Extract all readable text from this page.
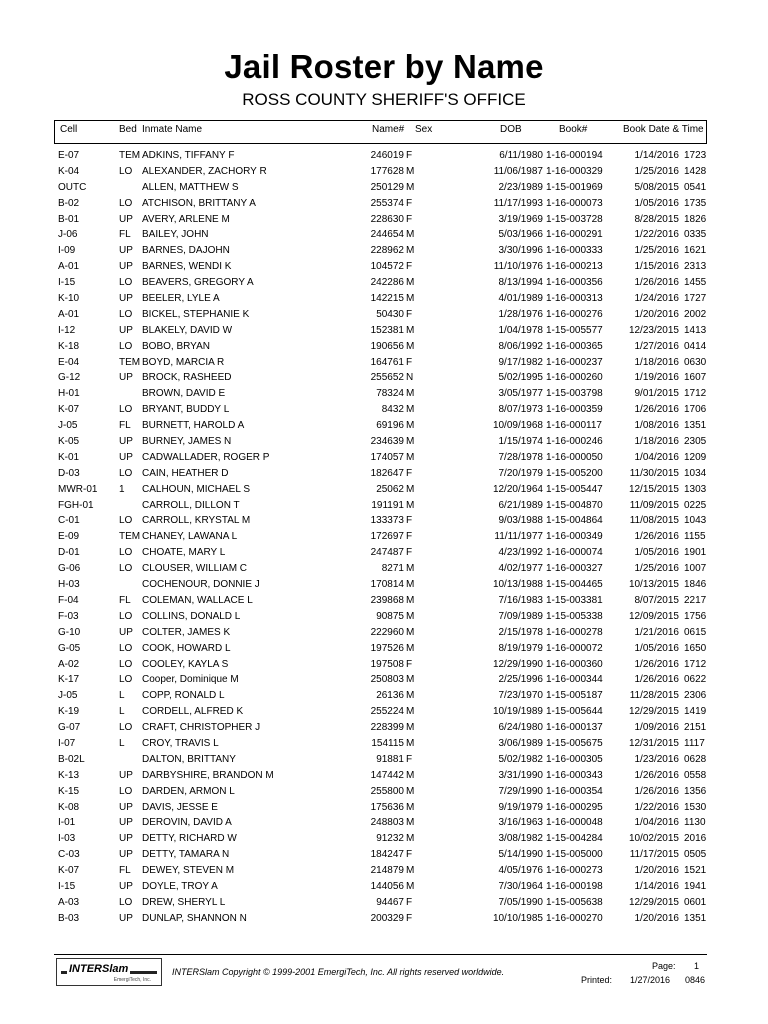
Jail Roster by Name
ROSS COUNTY SHERIFF'S OFFICE
Cell	Bed Inmate Name	Name# Sex	DOB	Book#	Book Date & Time
E-07	TEM ADKINS, TIFFANY F	246019 F	6/11/1980 1-16-000194	1/14/2016 1723
K-04	LO ALEXANDER, ZACHORY R	177628 M	11/06/1987 1-16-000329	1/25/2016 1428
OUTC	ALLEN, MATTHEW S	250129 M	2/23/1989 1-15-001969	5/08/2015 0541
B-02	LO ATCHISON, BRITTANY A	255374 F	11/17/1993 1-16-000073	1/05/2016 1735
B-01	UP AVERY, ARLENE M	228630 F	3/19/1969 1-15-003728	8/28/2015 1826
J-06	FL BAILEY, JOHN	244654 M	5/03/1966 1-16-000291	1/22/2016 0335
I-09	UP BARNES, DAJOHN	228962 M	3/30/1996 1-16-000333	1/25/2016 1621
A-01	UP BARNES, WENDI K	104572 F	11/10/1976 1-16-000213	1/15/2016 2313
I-15	LO BEAVERS, GREGORY A	242286 M	8/13/1994 1-16-000356	1/26/2016 1455
K-10	UP BEELER, LYLE A	142215 M	4/01/1989 1-16-000313	1/24/2016 1727
A-01	LO BICKEL, STEPHANIE K	50430 F	1/28/1976 1-16-000276	1/20/2016 2002
I-12	UP BLAKELY, DAVID W	152381 M	1/04/1978 1-15-005577	12/23/2015 1413
K-18	LO BOBO, BRYAN	190656 M	8/06/1992 1-16-000365	1/27/2016 0414
E-04	TEM BOYD, MARCIA R	164761 F	9/17/1982 1-16-000237	1/18/2016 0630
G-12	UP BROCK, RASHEED	255652 N	5/02/1995 1-16-000260	1/19/2016 1607
H-01	BROWN, DAVID E	78324 M	3/05/1977 1-15-003798	9/01/2015 1712
K-07	LO BRYANT, BUDDY L	8432 M	8/07/1973 1-16-000359	1/26/2016 1706
J-05	FL BURNETT, HAROLD A	69196 M	10/09/1968 1-16-000117	1/08/2016 1351
K-05	UP BURNEY, JAMES N	234639 M	1/15/1974 1-16-000246	1/18/2016 2305
K-01	UP CADWALLADER, ROGER P	174057 M	7/28/1978 1-16-000050	1/04/2016 1209
D-03	LO CAIN, HEATHER D	182647 F	7/20/1979 1-15-005200	11/30/2015 1034
MWR-01 1 CALHOUN, MICHAEL S	25062 M	12/20/1964 1-15-005447	12/15/2015 1303
FGH-01	CARROLL, DILLON T	191191 M	6/21/1989 1-15-004870	11/09/2015 0225
C-01	LO CARROLL, KRYSTAL M	133373 F	9/03/1988 1-15-004864	11/08/2015 1043
E-09	TEM CHANEY, LAWANA L	172697 F	11/11/1977 1-16-000349	1/26/2016 1155
D-01	LO CHOATE, MARY L	247487 F	4/23/1992 1-16-000074	1/05/2016 1901
G-06	LO CLOUSER, WILLIAM C	8271 M	4/02/1977 1-16-000327	1/25/2016 1007
H-03	COCHENOUR, DONNIE J	170814 M	10/13/1988 1-15-004465	10/13/2015 1846
F-04	FL COLEMAN, WALLACE L	239868 M	7/16/1983 1-15-003381	8/07/2015 2217
F-03	LO COLLINS, DONALD L	90875 M	7/09/1989 1-15-005338	12/09/2015 1756
G-10	UP COLTER, JAMES K	222960 M	2/15/1978 1-16-000278	1/21/2016 0615
G-05	LO COOK, HOWARD L	197526 M	8/19/1979 1-16-000072	1/05/2016 1650
A-02	LO COOLEY, KAYLA S	197508 F	12/29/1990 1-16-000360	1/26/2016 1712
K-17	LO Cooper, Dominique M	250803 M	2/25/1996 1-16-000344	1/26/2016 0622
J-05	L COPP, RONALD L	26136 M	7/23/1970 1-15-005187	11/28/2015 2306
K-19	L CORDELL, ALFRED K	255224 M	10/19/1989 1-15-005644	12/29/2015 1419
G-07	LO CRAFT, CHRISTOPHER J	228399 M	6/24/1980 1-16-000137	1/09/2016 2151
I-07	L CROY, TRAVIS L	154115 M	3/06/1989 1-15-005675	12/31/2015 1117
B-02L	DALTON, BRITTANY	91881 F	5/02/1982 1-16-000305	1/23/2016 0628
K-13	UP DARBYSHIRE, BRANDON M	147442 M	3/31/1990 1-16-000343	1/26/2016 0558
K-15	LO DARDEN, ARMON L	255800 M	7/29/1990 1-16-000354	1/26/2016 1356
K-08	UP DAVIS, JESSE E	175636 M	9/19/1979 1-16-000295	1/22/2016 1530
I-01	UP DEROVIN, DAVID A	248803 M	3/16/1963 1-16-000048	1/04/2016 1130
I-03	UP DETTY, RICHARD W	91232 M	3/08/1982 1-15-004284	10/02/2015 2016
C-03	UP DETTY, TAMARA N	184247 F	5/14/1990 1-15-005000	11/17/2015 0505
K-07	FL DEWEY, STEVEN M	214879 M	4/05/1976 1-16-000273	1/20/2016 1521
I-15	UP DOYLE, TROY A	144056 M	7/30/1964 1-16-000198	1/14/2016 1941
A-03	LO DREW, SHERYL L	94467 F	7/05/1990 1-15-005638	12/29/2015 0601
B-03	UP DUNLAP, SHANNON N	200329 F	10/10/1985 1-16-000270	1/20/2016 1351
INTERSlam
EmergiTech, Inc.
INTERSlam Copyright © 1999-2001 EmergiTech, Inc. All rights reserved worldwide.
Page: 1
Printed: 1/27/2016 0846
